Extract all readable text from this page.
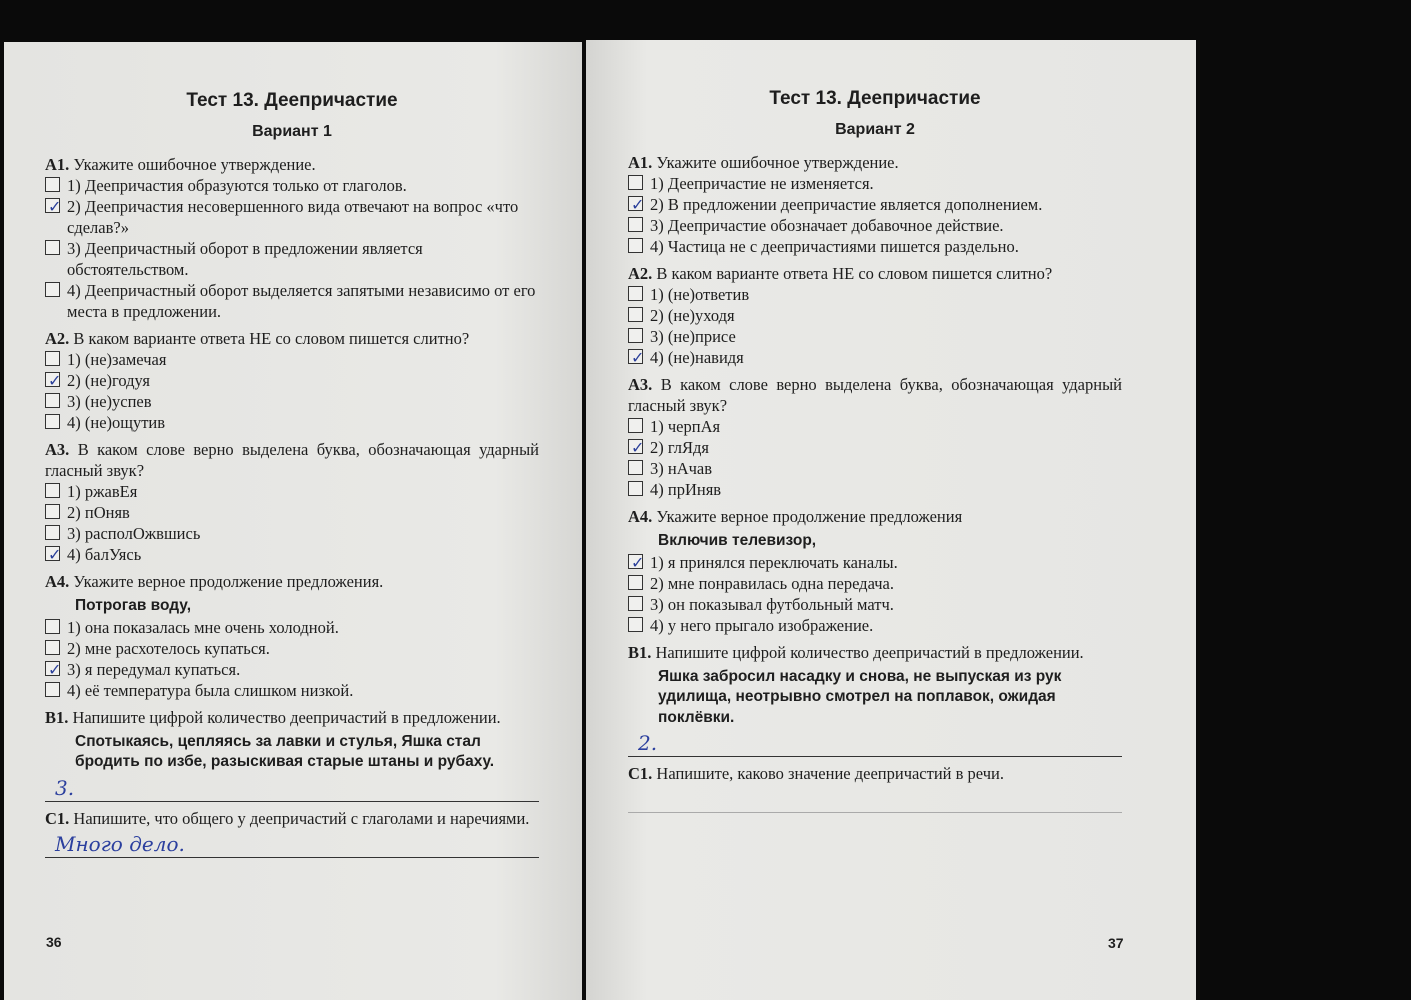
Тест 13. Деепричастие
Вариант 1
A1. Укажите ошибочное утверждение.
1) Деепричастия образуются только от глаголов.
✓ 2) Деепричастия несовершенного вида отвечают на вопрос «что сделав?»
3) Деепричастный оборот в предложении является обстоятельством.
4) Деепричастный оборот выделяется запятыми независимо от его места в предложении.
A2. В каком варианте ответа НЕ со словом пишется слитно?
1) (не)замечая
✓ 2) (не)годуя
3) (не)успев
4) (не)ощутив
A3. В каком слове верно выделена буква, обозначающая ударный гласный звук?
1) ржавЕя
2) пОняв
3) располОжвшись
✓ 4) балУясь
A4. Укажите верное продолжение предложения.
Потрогав воду,
1) она показалась мне очень холодной.
2) мне расхотелось купаться.
✓ 3) я передумал купаться.
4) её температура была слишком низкой.
B1. Напишите цифрой количество деепричастий в предложении.
Спотыкаясь, цепляясь за лавки и стулья, Яшка стал бродить по избе, разыскивая старые штаны и рубаху.
3.
C1. Напишите, что общего у деепричастий с глаголами и наречиями.
Много дело.
36
Тест 13. Деепричастие
Вариант 2
A1. Укажите ошибочное утверждение.
1) Деепричастие не изменяется.
✓ 2) В предложении деепричастие является дополнением.
3) Деепричастие обозначает добавочное действие.
4) Частица не с деепричастиями пишется раздельно.
A2. В каком варианте ответа НЕ со словом пишется слитно?
1) (не)ответив
2) (не)уходя
3) (не)присе
✓ 4) (не)навидя
A3. В каком слове верно выделена буква, обозначающая ударный гласный звук?
1) черпАя
✓ 2) глЯдя
3) нАчав
4) прИняв
A4. Укажите верное продолжение предложения
Включив телевизор,
✓ 1) я принялся переключать каналы.
2) мне понравилась одна передача.
3) он показывал футбольный матч.
4) у него прыгало изображение.
B1. Напишите цифрой количество деепричастий в предложении.
Яшка забросил насадку и снова, не выпуская из рук удилища, неотрывно смотрел на поплавок, ожидая поклёвки.
2.
C1. Напишите, каково значение деепричастий в речи.
37
